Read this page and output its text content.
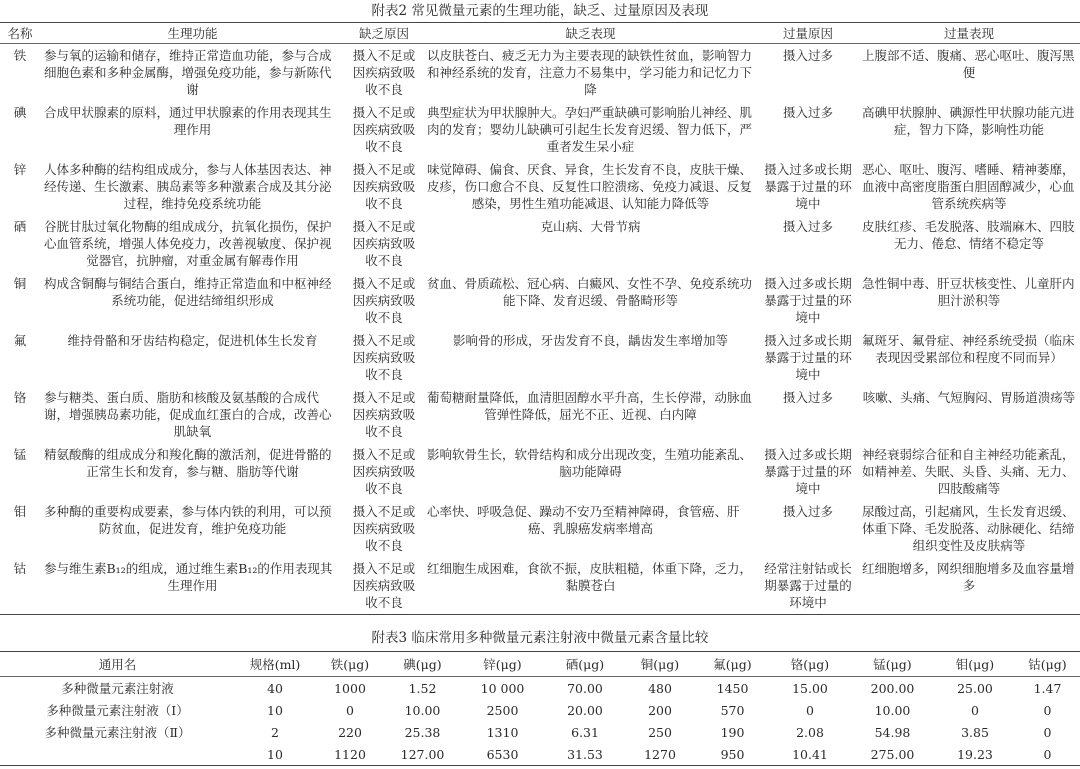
附表2 常见微量元素的生理功能，缺乏、过量原因及表现
名称	生理功能	缺乏原因	缺乏表现	过量原因	过量表现
铁	参与氧的运输和储存，维持正常造血功能，参与合成细胞色素和多种金属酶，增强免疫功能，参与新陈代谢	摄入不足或因疾病致吸收不良	以皮肤苍白、疲乏无力为主要表现的缺铁性贫血，影响智力和神经系统的发育，注意力不易集中，学习能力和记忆力下降	摄入过多	上腹部不适、腹痛、恶心呕吐、腹泻黑便
碘	合成甲状腺素的原料，通过甲状腺素的作用表现其生理作用	摄入不足或因疾病致吸收不良	典型症状为甲状腺肿大。孕妇严重缺碘可影响胎儿神经、肌肉的发育；婴幼儿缺碘可引起生长发育迟缓、智力低下，严重者发生呆小症	摄入过多	高碘甲状腺肿、碘源性甲状腺功能亢进症，智力下降，影响性功能
锌	人体多种酶的结构组成成分，参与人体基因表达、神经传递、生长激素、胰岛素等多种激素合成及其分泌过程，维持免疫系统功能	摄入不足或因疾病致吸收不良	味觉障碍、偏食、厌食、异食，生长发育不良，皮肤干燥、皮疹，伤口愈合不良、反复性口腔溃疡、免疫力减退、反复感染，男性生殖功能减退、认知能力降低等	摄入过多或长期暴露于过量的环境中	恶心、呕吐、腹泻、嗜睡、精神萎靡，血液中高密度脂蛋白胆固醇减少，心血管系统疾病等
硒	谷胱甘肽过氧化物酶的组成成分，抗氧化损伤，保护心血管系统，增强人体免疫力，改善视敏度、保护视觉器官，抗肿瘤，对重金属有解毒作用	摄入不足或因疾病致吸收不良	克山病、大骨节病	摄入过多	皮肤红疹、毛发脱落、肢端麻木、四肢无力、倦怠、情绪不稳定等
铜	构成含铜酶与铜结合蛋白，维持正常造血和中枢神经系统功能，促进结缔组织形成	摄入不足或因疾病致吸收不良	贫血、骨质疏松、冠心病、白癜风、女性不孕、免疫系统功能下降、发育迟缓、骨骼畸形等	摄入过多或长期暴露于过量的环境中	急性铜中毒、肝豆状核变性、儿童肝内胆汁淤积等
氟	维持骨骼和牙齿结构稳定，促进机体生长发育	摄入不足或因疾病致吸收不良	影响骨的形成，牙齿发育不良，龋齿发生率增加等	摄入过多或长期暴露于过量的环境中	氟斑牙、氟骨症、神经系统受损（临床表现因受累部位和程度不同而异）
铬	参与糖类、蛋白质、脂肪和核酸及氨基酸的合成代谢，增强胰岛素功能，促成血红蛋白的合成，改善心肌缺氧	摄入不足或因疾病致吸收不良	葡萄糖耐量降低，血清胆固醇水平升高，生长停滞，动脉血管弹性降低，屈光不正、近视、白内障	摄入过多	咳嗽、头痛、气短胸闷、胃肠道溃疡等
锰	精氨酸酶的组成成分和羧化酶的激活剂，促进骨骼的正常生长和发育，参与糖、脂肪等代谢	摄入不足或因疾病致吸收不良	影响软骨生长，软骨结构和成分出现改变，生殖功能紊乱、脑功能障碍	摄入过多或长期暴露于过量的环境中	神经衰弱综合征和自主神经功能紊乱，如精神差、失眠、头昏、头痛、无力、四肢酸痛等
钼	多种酶的重要构成要素，参与体内铁的利用，可以预防贫血，促进发育，维护免疫功能	摄入不足或因疾病致吸收不良	心率快、呼吸急促、躁动不安乃至精神障碍，食管癌、肝癌、乳腺癌发病率增高	摄入过多	尿酸过高，引起痛风，生长发育迟缓、体重下降、毛发脱落、动脉硬化、结缔组织变性及皮肤病等
钴	参与维生素B₁₂的组成，通过维生素B₁₂的作用表现其生理作用	摄入不足或因疾病致吸收不良	红细胞生成困难，食欲不振，皮肤粗糙，体重下降，乏力，黏膜苍白	经常注射钴或长期暴露于过量的环境中	红细胞增多，网织细胞增多及血容量增多
附表3 临床常用多种微量元素注射液中微量元素含量比较
通用名	规格(ml)	铁(μg)	碘(μg)	锌(μg)	硒(μg)	铜(μg)	氟(μg)	铬(μg)	锰(μg)	钼(μg)	钴(μg)
多种微量元素注射液	40	1000	1.52	10 000	70.00	480	1450	15.00	200.00	25.00	1.47
多种微量元素注射液（Ⅰ）	10	0	10.00	2500	20.00	200	570	0	10.00	0	0
多种微量元素注射液（Ⅱ）	2	220	25.38	1310	6.31	250	190	2.08	54.98	3.85	0
	10	1120	127.00	6530	31.53	1270	950	10.41	275.00	19.23	0
